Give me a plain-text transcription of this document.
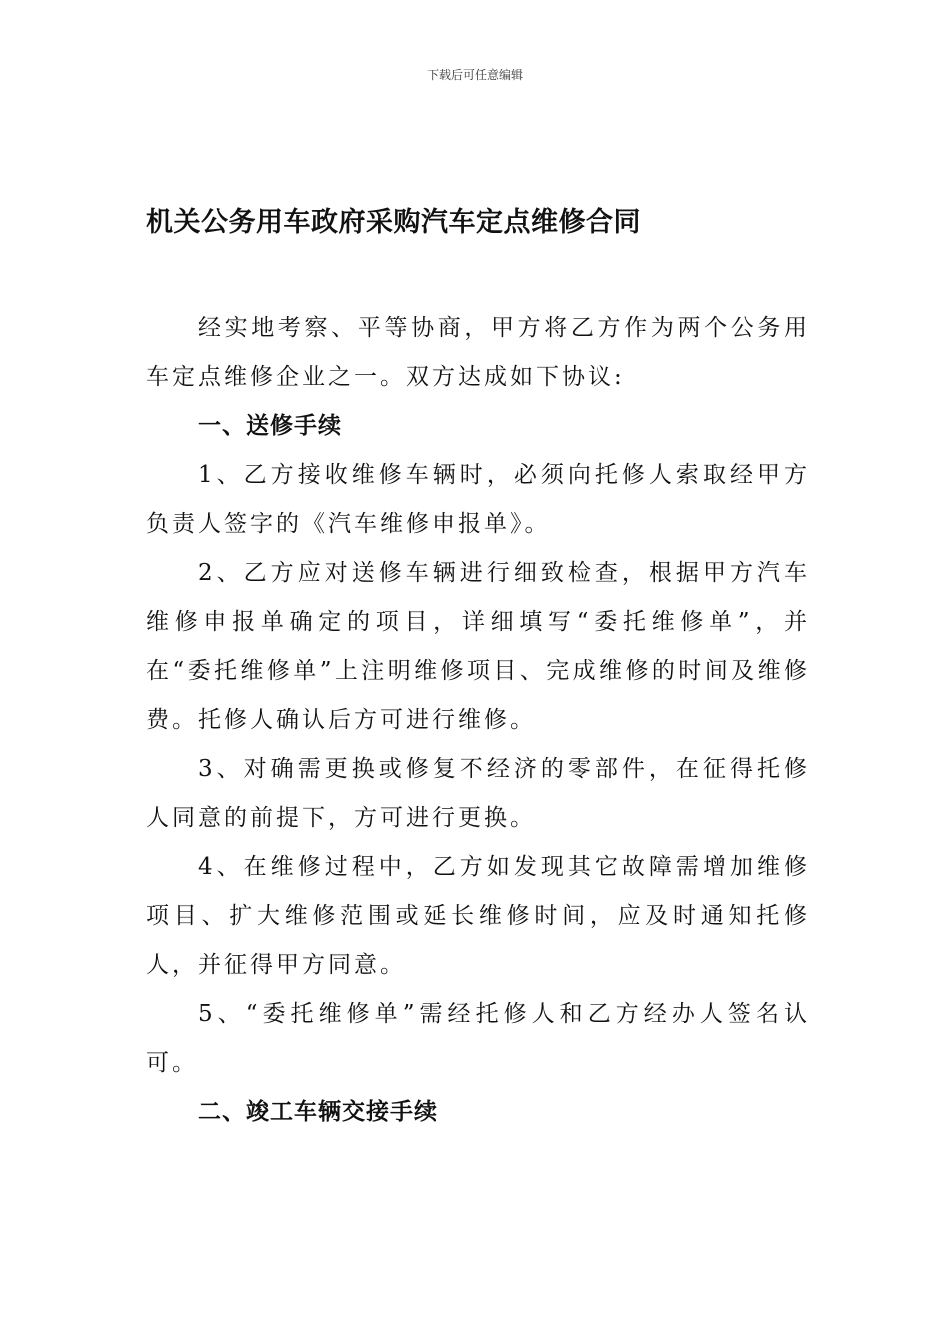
下载后可任意编辑
机关公务用车政府采购汽车定点维修合同

经实地考察、平等协商，甲方将乙方作为两个公务用车定点维修企业之一。双方达成如下协议:

一、送修手续

1、乙方接收维修车辆时，必须向托修人索取经甲方负责人签字的《汽车维修申报单》。

2、乙方应对送修车辆进行细致检查，根据甲方汽车维修申报单确定的项目，详细填写“委托维修单”，并在“委托维修单”上注明维修项目、完成维修的时间及维修费。托修人确认后方可进行维修。

3、对确需更换或修复不经济的零部件，在征得托修人同意的前提下，方可进行更换。

4、在维修过程中，乙方如发现其它故障需增加维修项目、扩大维修范围或延长维修时间，应及时通知托修人，并征得甲方同意。

5、“委托维修单”需经托修人和乙方经办人签名认可。

二、竣工车辆交接手续
